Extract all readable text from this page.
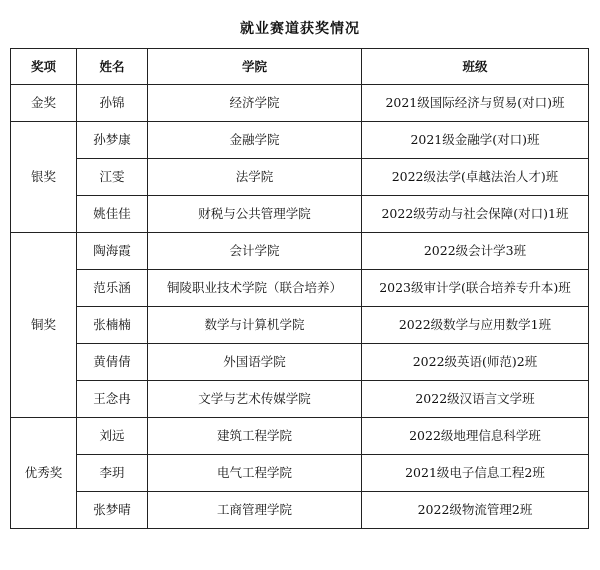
就业赛道获奖情况
奖项	姓名	学院	班级
金奖	孙锦	经济学院	2021级国际经济与贸易(对口)班
银奖	孙梦康	金融学院	2021级金融学(对口)班
	江雯	法学院	2022级法学(卓越法治人才)班
	姚佳佳	财税与公共管理学院	2022级劳动与社会保障(对口)1班
铜奖	陶海霞	会计学院	2022级会计学3班
	范乐涵	铜陵职业技术学院（联合培养）	2023级审计学(联合培养专升本)班
	张楠楠	数学与计算机学院	2022级数学与应用数学1班
	黄倩倩	外国语学院	2022级英语(师范)2班
	王念冉	文学与艺术传媒学院	2022级汉语言文学班
优秀奖	刘远	建筑工程学院	2022级地理信息科学班
	李玥	电气工程学院	2021级电子信息工程2班
	张梦晴	工商管理学院	2022级物流管理2班
